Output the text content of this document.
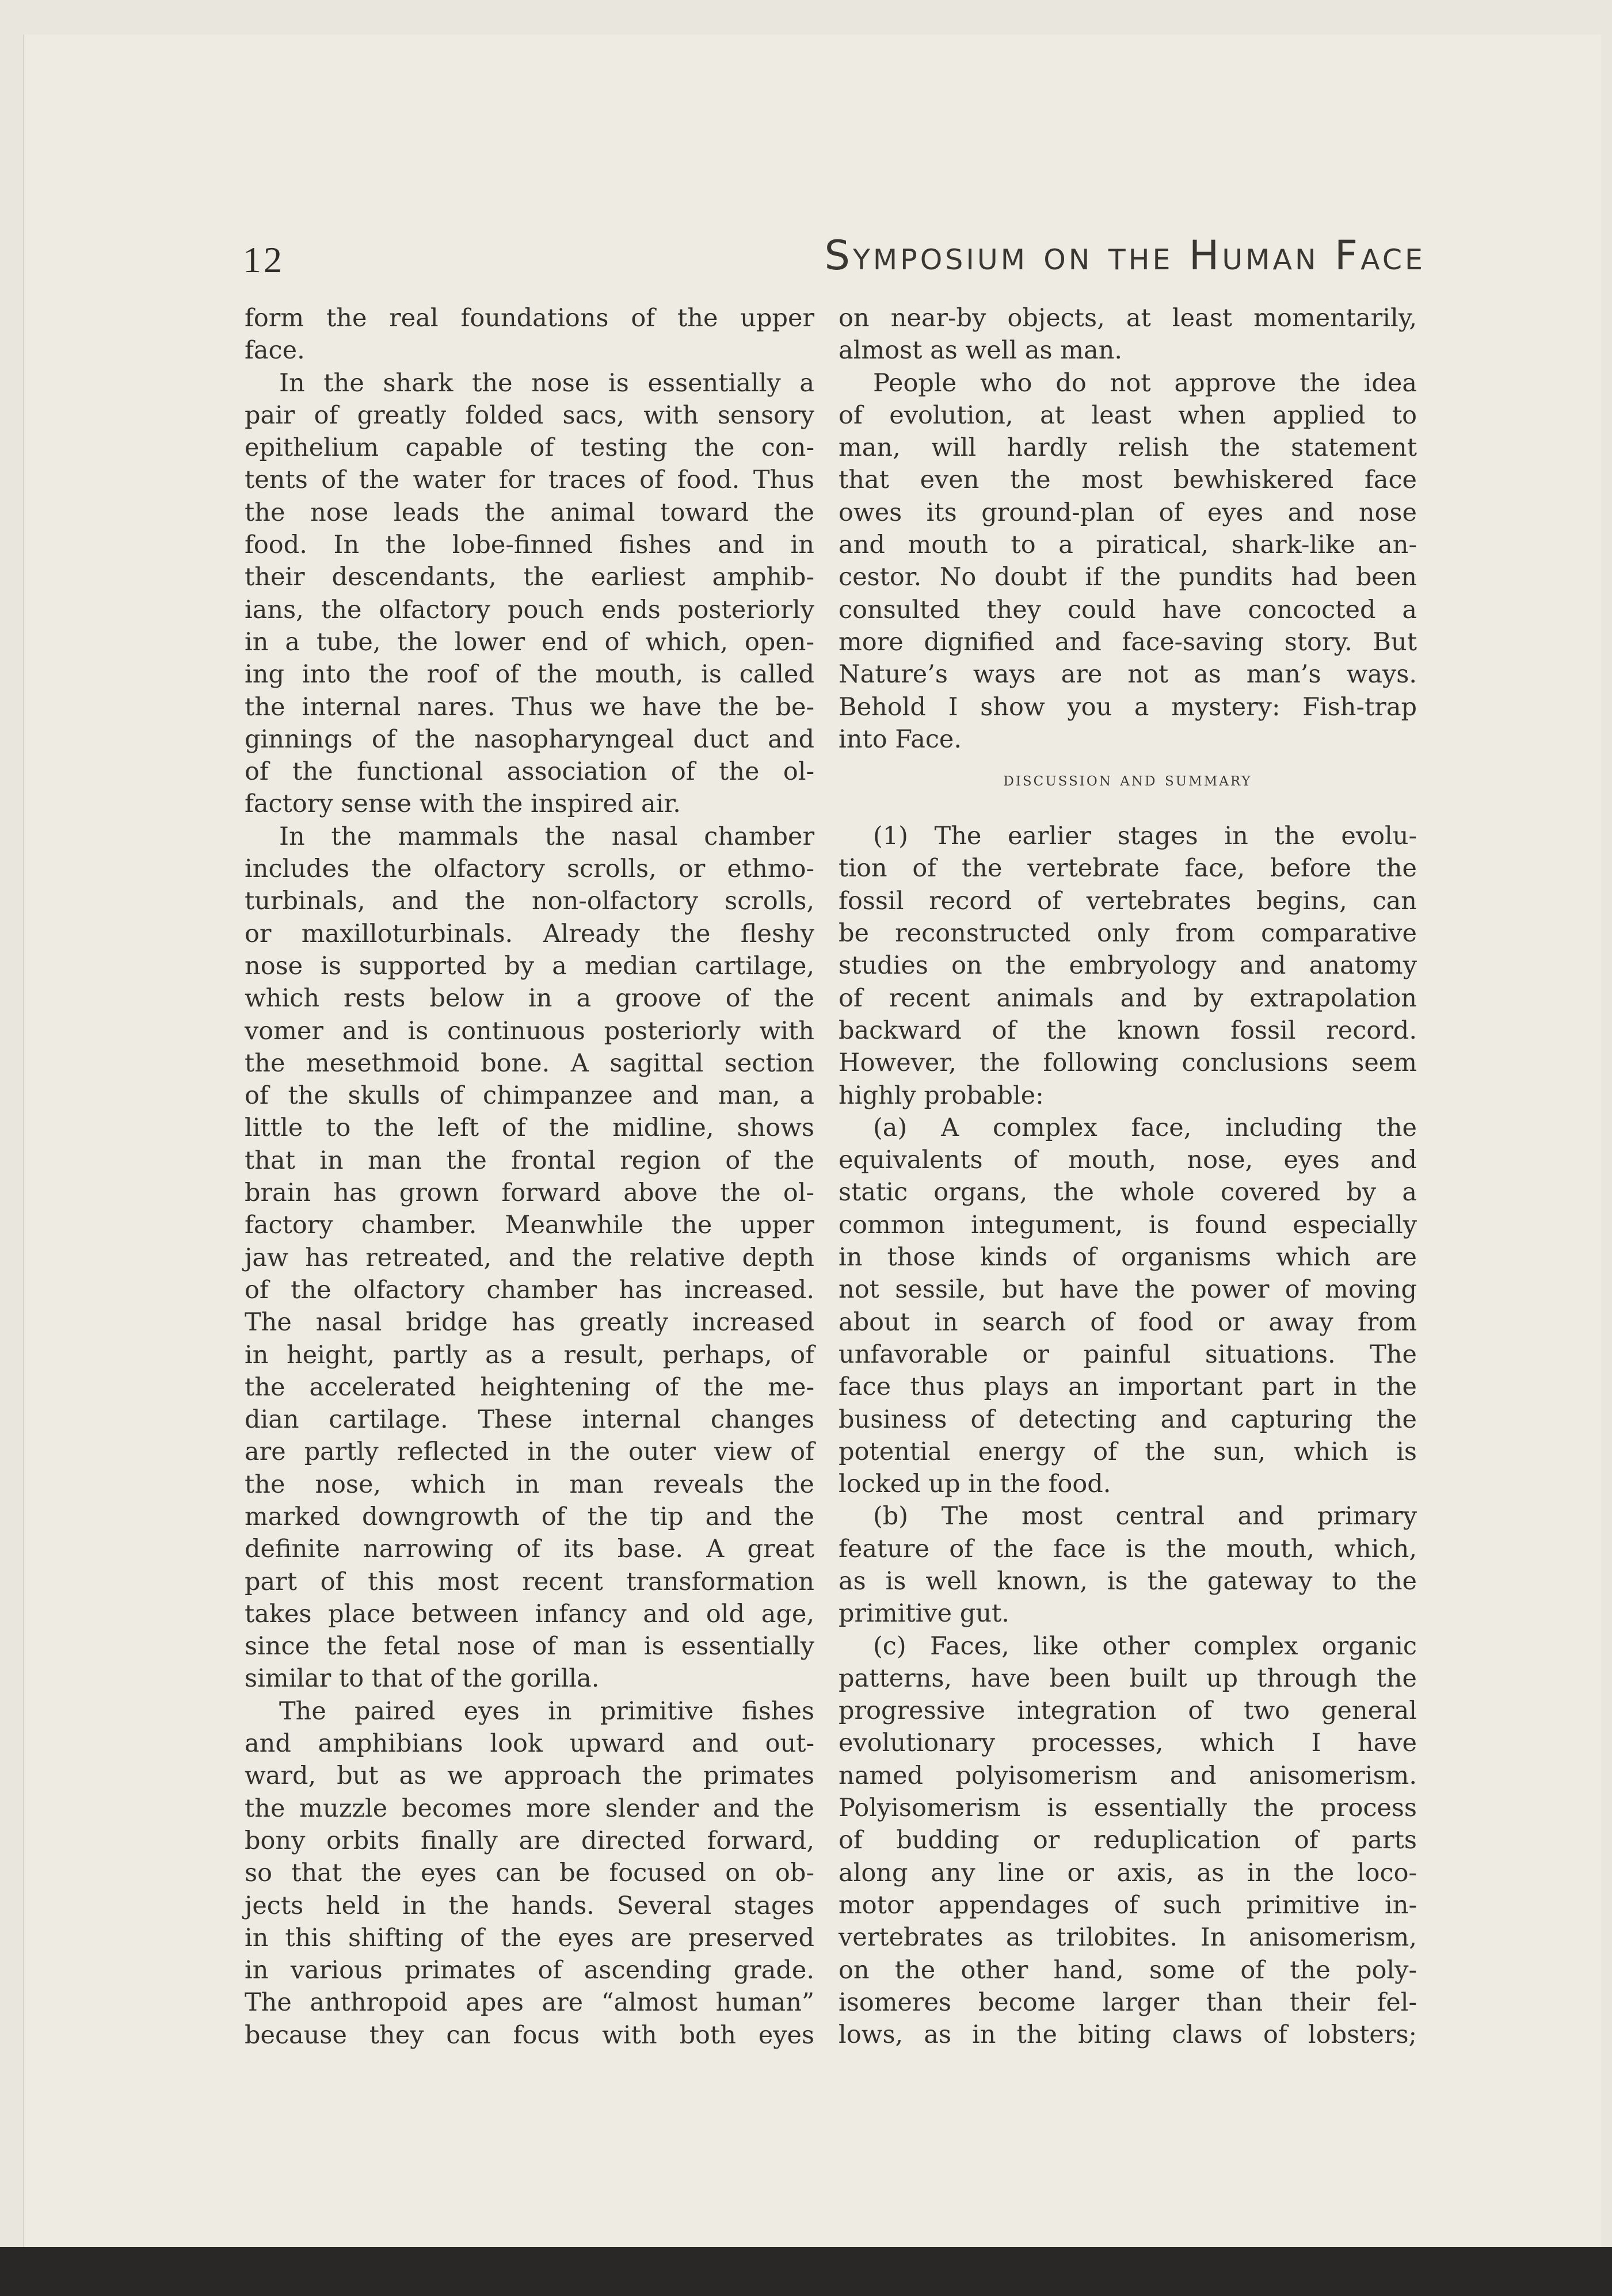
12	Symposium on the Human Face
form the real foundations of the upper
face.
In the shark the nose is essentially a
pair of greatly folded sacs, with sensory
epithelium capable of testing the con-
tents of the water for traces of food. Thus
the nose leads the animal toward the
food. In the lobe-finned fishes and in
their descendants, the earliest amphib-
ians, the olfactory pouch ends posteriorly
in a tube, the lower end of which, open-
ing into the roof of the mouth, is called
the internal nares. Thus we have the be-
ginnings of the nasopharyngeal duct and
of the functional association of the ol-
factory sense with the inspired air.
In the mammals the nasal chamber
includes the olfactory scrolls, or ethmo-
turbinals, and the non-olfactory scrolls,
or maxilloturbinals. Already the fleshy
nose is supported by a median cartilage,
which rests below in a groove of the
vomer and is continuous posteriorly with
the mesethmoid bone. A sagittal section
of the skulls of chimpanzee and man, a
little to the left of the midline, shows
that in man the frontal region of the
brain has grown forward above the ol-
factory chamber. Meanwhile the upper
jaw has retreated, and the relative depth
of the olfactory chamber has increased.
The nasal bridge has greatly increased
in height, partly as a result, perhaps, of
the accelerated heightening of the me-
dian cartilage. These internal changes
are partly reflected in the outer view of
the nose, which in man reveals the
marked downgrowth of the tip and the
definite narrowing of its base. A great
part of this most recent transformation
takes place between infancy and old age,
since the fetal nose of man is essentially
similar to that of the gorilla.
The paired eyes in primitive fishes
and amphibians look upward and out-
ward, but as we approach the primates
the muzzle becomes more slender and the
bony orbits finally are directed forward,
so that the eyes can be focused on ob-
jects held in the hands. Several stages
in this shifting of the eyes are preserved
in various primates of ascending grade.
The anthropoid apes are “almost human”
because they can focus with both eyes
on near-by objects, at least momentarily,
almost as well as man.
People who do not approve the idea
of evolution, at least when applied to
man, will hardly relish the statement
that even the most bewhiskered face
owes its ground-plan of eyes and nose
and mouth to a piratical, shark-like an-
cestor. No doubt if the pundits had been
consulted they could have concocted a
more dignified and face-saving story. But
Nature’s ways are not as man’s ways.
Behold I show you a mystery: Fish-trap
into Face.
discussion and summary
(1) The earlier stages in the evolu-
tion of the vertebrate face, before the
fossil record of vertebrates begins, can
be reconstructed only from comparative
studies on the embryology and anatomy
of recent animals and by extrapolation
backward of the known fossil record.
However, the following conclusions seem
highly probable:
(a) A complex face, including the
equivalents of mouth, nose, eyes and
static organs, the whole covered by a
common integument, is found especially
in those kinds of organisms which are
not sessile, but have the power of moving
about in search of food or away from
unfavorable or painful situations. The
face thus plays an important part in the
business of detecting and capturing the
potential energy of the sun, which is
locked up in the food.
(b) The most central and primary
feature of the face is the mouth, which,
as is well known, is the gateway to the
primitive gut.
(c) Faces, like other complex organic
patterns, have been built up through the
progressive integration of two general
evolutionary processes, which I have
named polyisomerism and anisomerism.
Polyisomerism is essentially the process
of budding or reduplication of parts
along any line or axis, as in the loco-
motor appendages of such primitive in-
vertebrates as trilobites. In anisomerism,
on the other hand, some of the poly-
isomeres become larger than their fel-
lows, as in the biting claws of lobsters;
